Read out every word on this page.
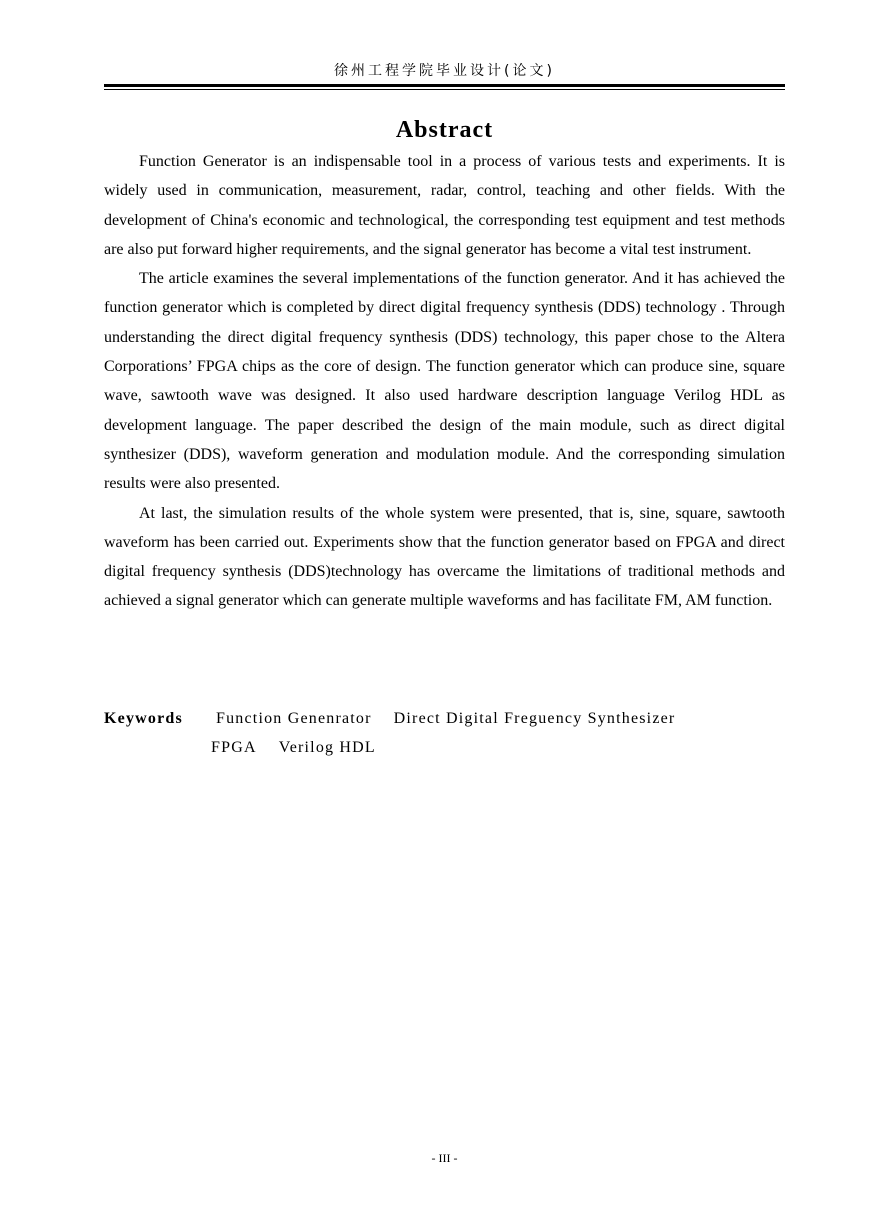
徐州工程学院毕业设计(论文)
Abstract

Function Generator is an indispensable tool in a process of various tests and experiments. It is widely used in communication, measurement, radar, control, teaching and other fields. With the development of China's economic and technological, the corresponding test equipment and test methods are also put forward higher requirements, and the signal generator has become a vital test instrument.

The article examines the several implementations of the function generator. And it has achieved the function generator which is completed by direct digital frequency synthesis (DDS) technology . Through understanding the direct digital frequency synthesis (DDS) technology, this paper chose to the Altera Corporations’ FPGA chips as the core of design. The function generator which can produce sine, square wave, sawtooth wave was designed. It also used hardware description language Verilog HDL as development language. The paper described the design of the main module, such as direct digital synthesizer (DDS), waveform generation and modulation module. And the corresponding simulation results were also presented.

At last, the simulation results of the whole system were presented, that is, sine, square, sawtooth waveform has been carried out. Experiments show that the function generator based on FPGA and direct digital frequency synthesis (DDS)technology has overcame the limitations of traditional methods and achieved a signal generator which can generate multiple waveforms and has facilitate FM, AM function.

Keywords Function Genenrator Direct Digital Freguency Synthesizer
FPGA Verilog HDL
- III -
